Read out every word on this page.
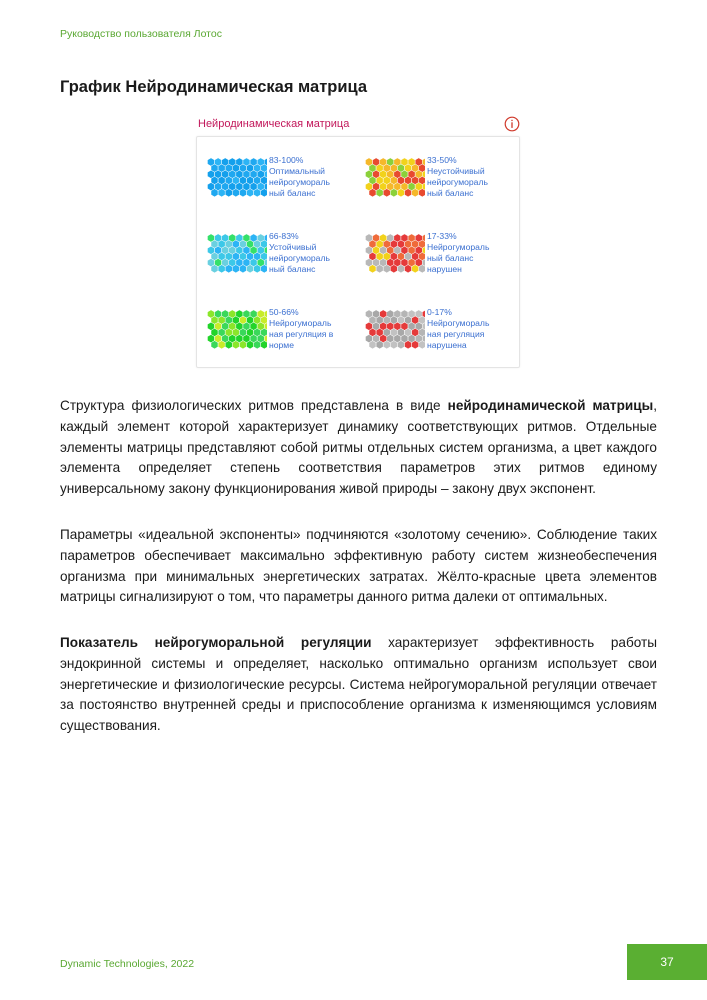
Руководство пользователя Лотос
График Нейродинамическая матрица
Нейродинамическая матрица
83-100%
Оптимальный
нейрогумораль
ный баланс
33-50%
Неустойчивый
нейрогумораль
ный баланс
66-83%
Устойчивый
нейрогумораль
ный баланс
17-33%
Нейрогумораль
ный баланс
нарушен
50-66%
Нейрогумораль
ная регуляция в
норме
0-17%
Нейрогумораль
ная регуляция
нарушена

Структура физиологических ритмов представлена в виде нейродинамической матрицы, каждый элемент которой характеризует динамику соответствующих ритмов. Отдельные элементы матрицы представляют собой ритмы отдельных систем организма, а цвет каждого элемента определяет степень соответствия параметров этих ритмов единому универсальному закону функционирования живой природы – закону двух экспонент.

Параметры «идеальной экспоненты» подчиняются «золотому сечению». Соблюдение таких параметров обеспечивает максимально эффективную работу систем жизнеобеспечения организма при минимальных энергетических затратах. Жёлто-красные цвета элементов матрицы сигнализируют о том, что параметры данного ритма далеки от оптимальных.

Показатель нейрогуморальной регуляции характеризует эффективность работы эндокринной системы и определяет, насколько оптимально организм использует свои энергетические и физиологические ресурсы. Система нейрогуморальной регуляции отвечает за постоянство внутренней среды и приспособление организма к изменяющимся условиям существования.

Dynamic Technologies, 2022	37
